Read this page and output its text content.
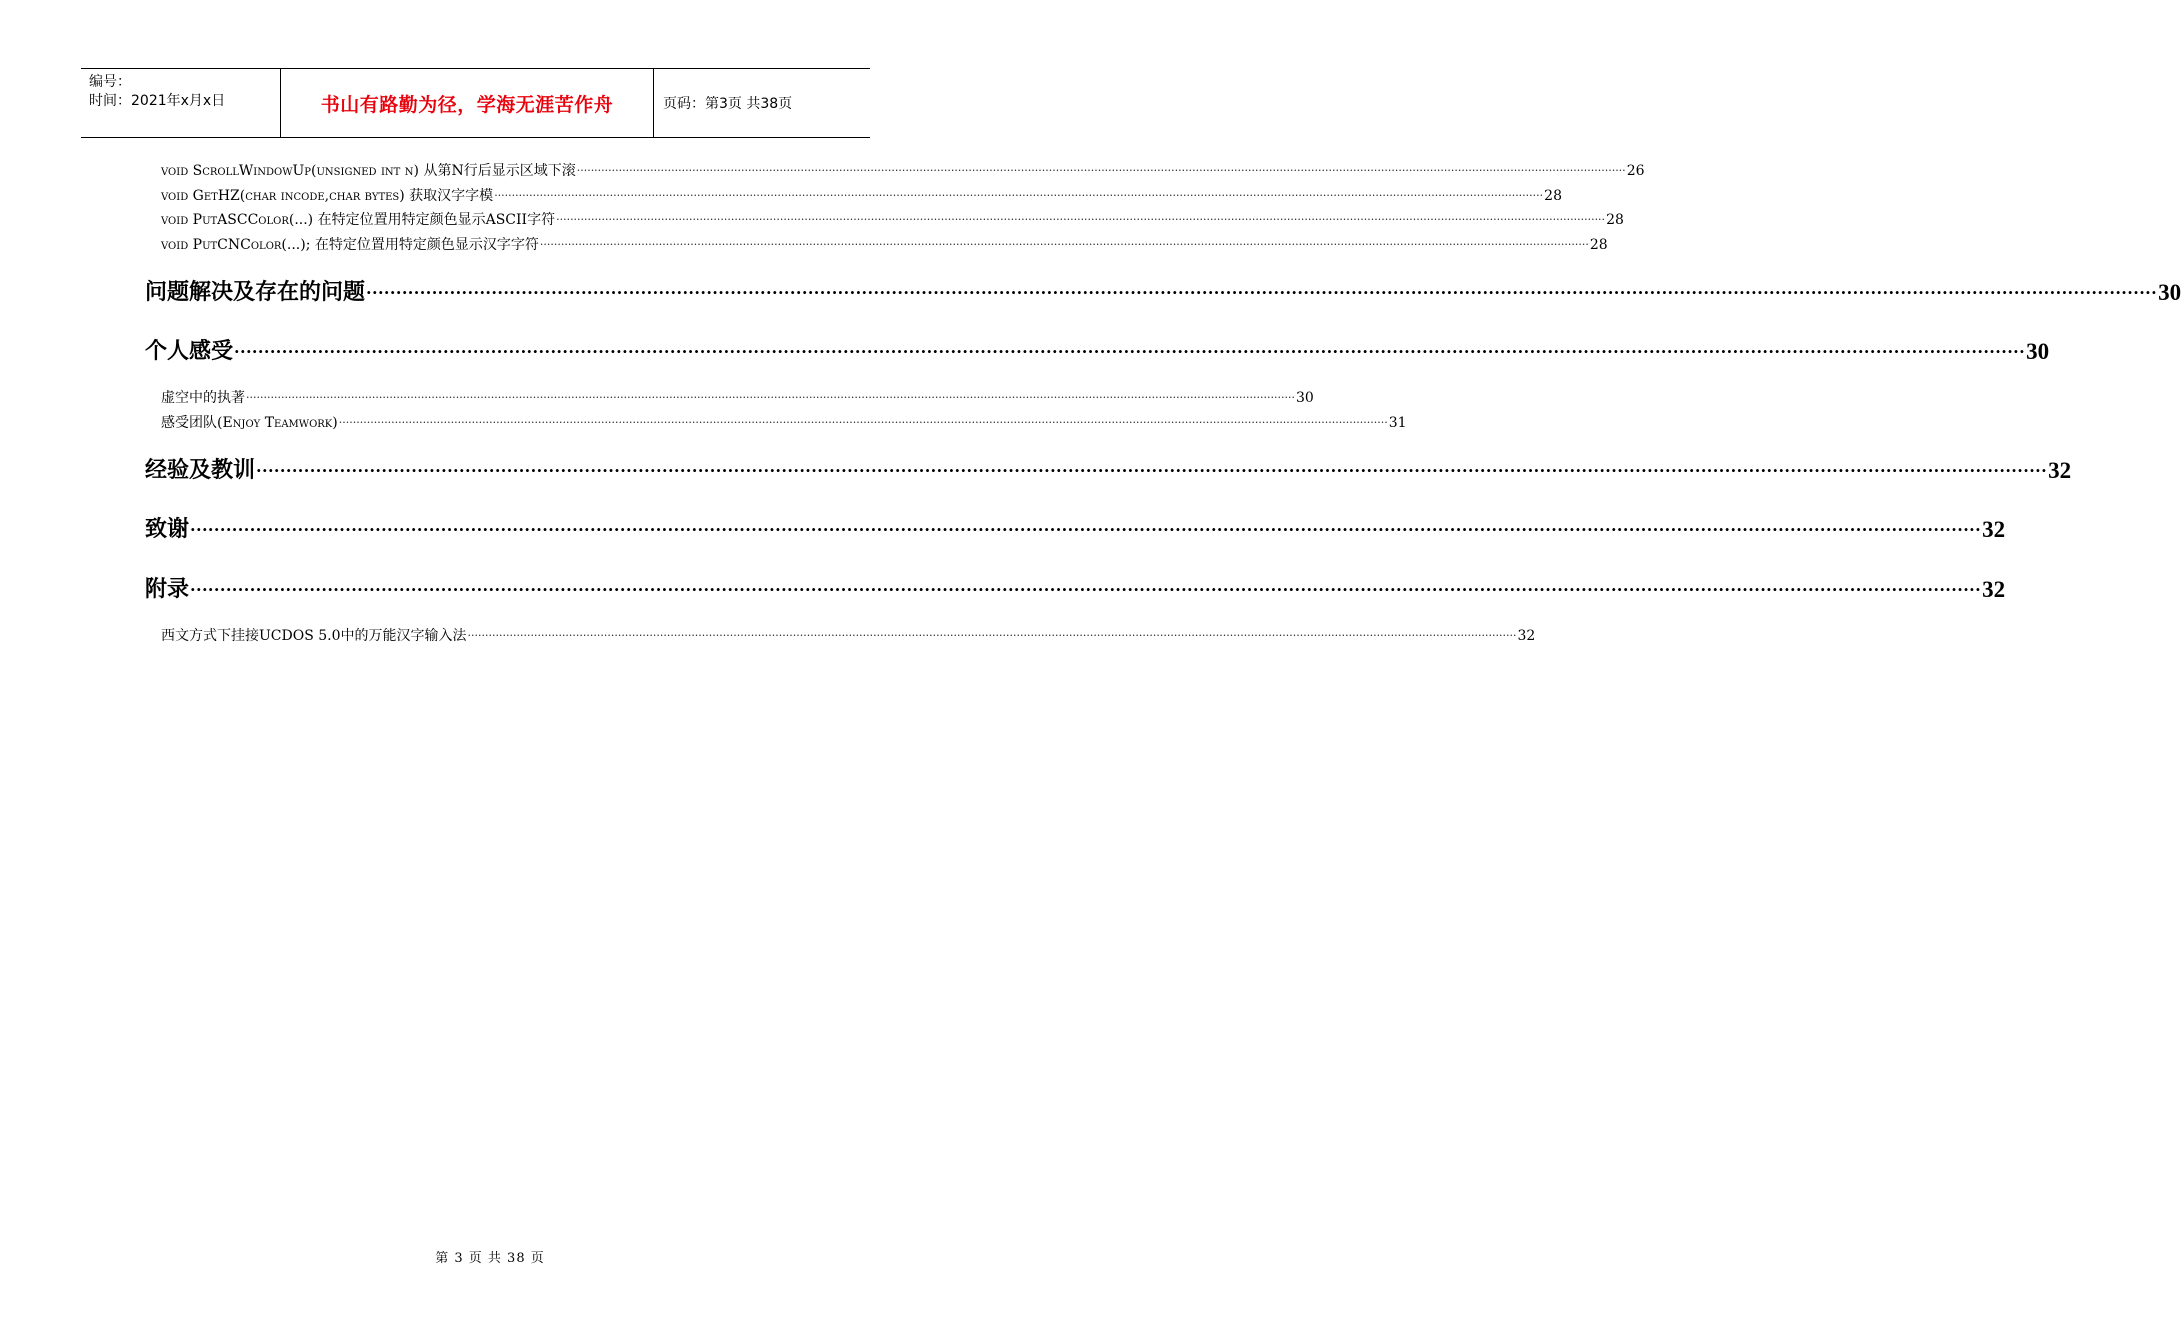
编号：
时间：2021年x月x日	书山有路勤为径，学海无涯苦作舟	页码：第3页 共38页
void ScrollWindowUp(unsigned int n) 从第N行后显示区域下滚 ············································································································································································································································································································ 26
void GetHZ(char incode,char bytes) 获取汉字字模 ············································································································································································································································································································ 28
void PutASCColor(...) 在特定位置用特定颜色显示ASCII字符 ············································································································································································································································································································ 28
void PutCNColor(...); 在特定位置用特定颜色显示汉字字符 ············································································································································································································································································································ 28
问题解决及存在的问题 ············································································································································································································································································································ 30
个人感受 ············································································································································································································································································································ 30
虚空中的执著 ············································································································································································································································································································ 30
感受团队(Enjoy Teamwork) ············································································································································································································································································································ 31
经验及教训 ············································································································································································································································································································ 32
致谢 ············································································································································································································································································································ 32
附录 ············································································································································································································································································································ 32
西文方式下挂接UCDOS 5.0中的万能汉字输入法 ············································································································································································································································································································ 32
第 3 页 共 38 页
